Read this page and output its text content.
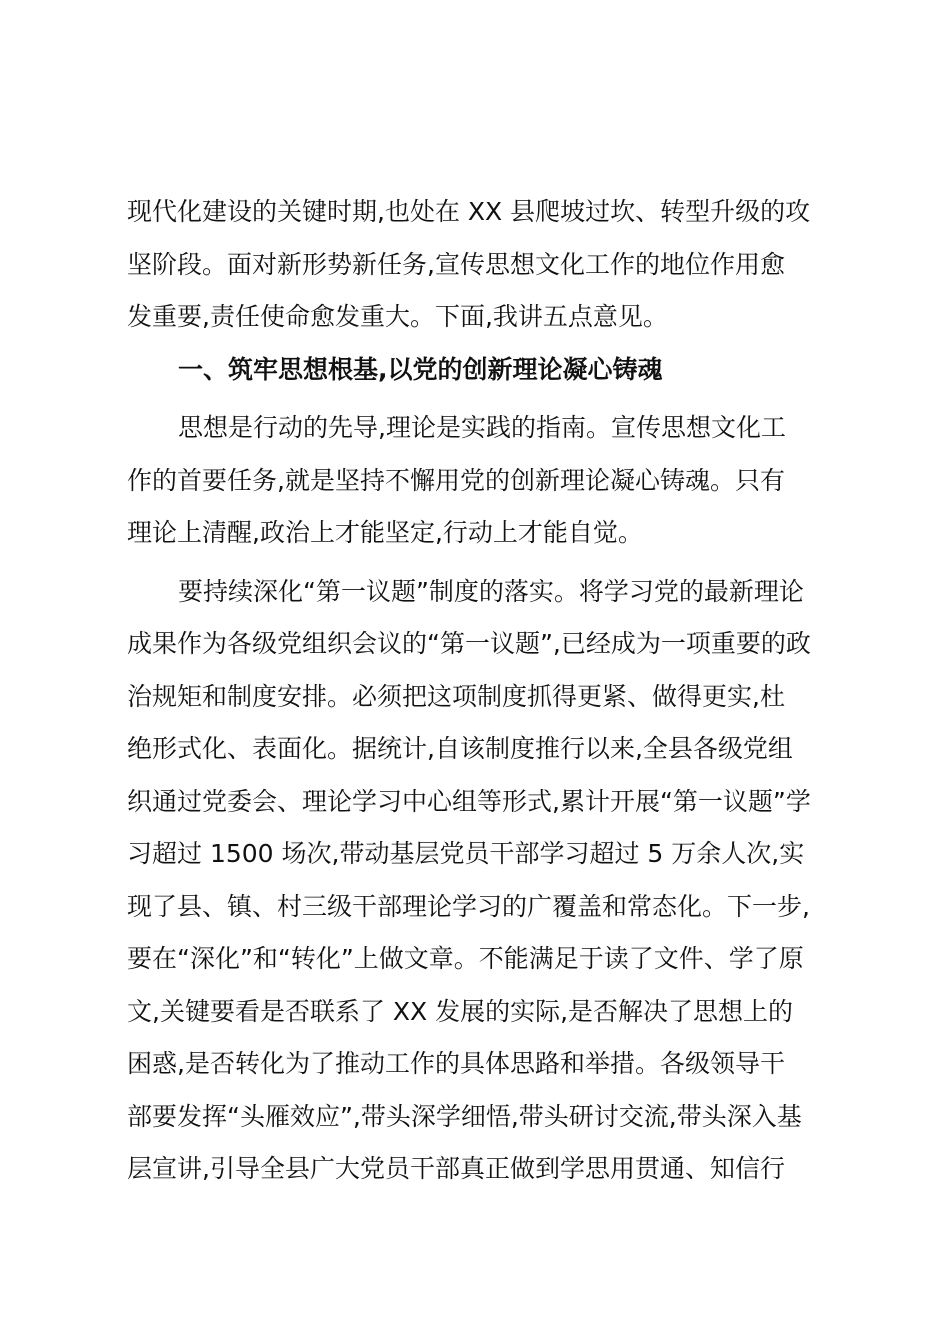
现代化建设的关键时期,也处在 XX 县爬坡过坎、转型升级的攻
坚阶段。面对新形势新任务,宣传思想文化工作的地位作用愈
发重要,责任使命愈发重大。下面,我讲五点意见。
一、筑牢思想根基,以党的创新理论凝心铸魂
思想是行动的先导,理论是实践的指南。宣传思想文化工
作的首要任务,就是坚持不懈用党的创新理论凝心铸魂。只有
理论上清醒,政治上才能坚定,行动上才能自觉。
要持续深化“第一议题”制度的落实。将学习党的最新理论
成果作为各级党组织会议的“第一议题”,已经成为一项重要的政
治规矩和制度安排。必须把这项制度抓得更紧、做得更实,杜
绝形式化、表面化。据统计,自该制度推行以来,全县各级党组
织通过党委会、理论学习中心组等形式,累计开展“第一议题”学
习超过 1500 场次,带动基层党员干部学习超过 5 万余人次,实
现了县、镇、村三级干部理论学习的广覆盖和常态化。下一步,
要在“深化”和“转化”上做文章。不能满足于读了文件、学了原
文,关键要看是否联系了 XX 发展的实际,是否解决了思想上的
困惑,是否转化为了推动工作的具体思路和举措。各级领导干
部要发挥“头雁效应”,带头深学细悟,带头研讨交流,带头深入基
层宣讲,引导全县广大党员干部真正做到学思用贯通、知信行
